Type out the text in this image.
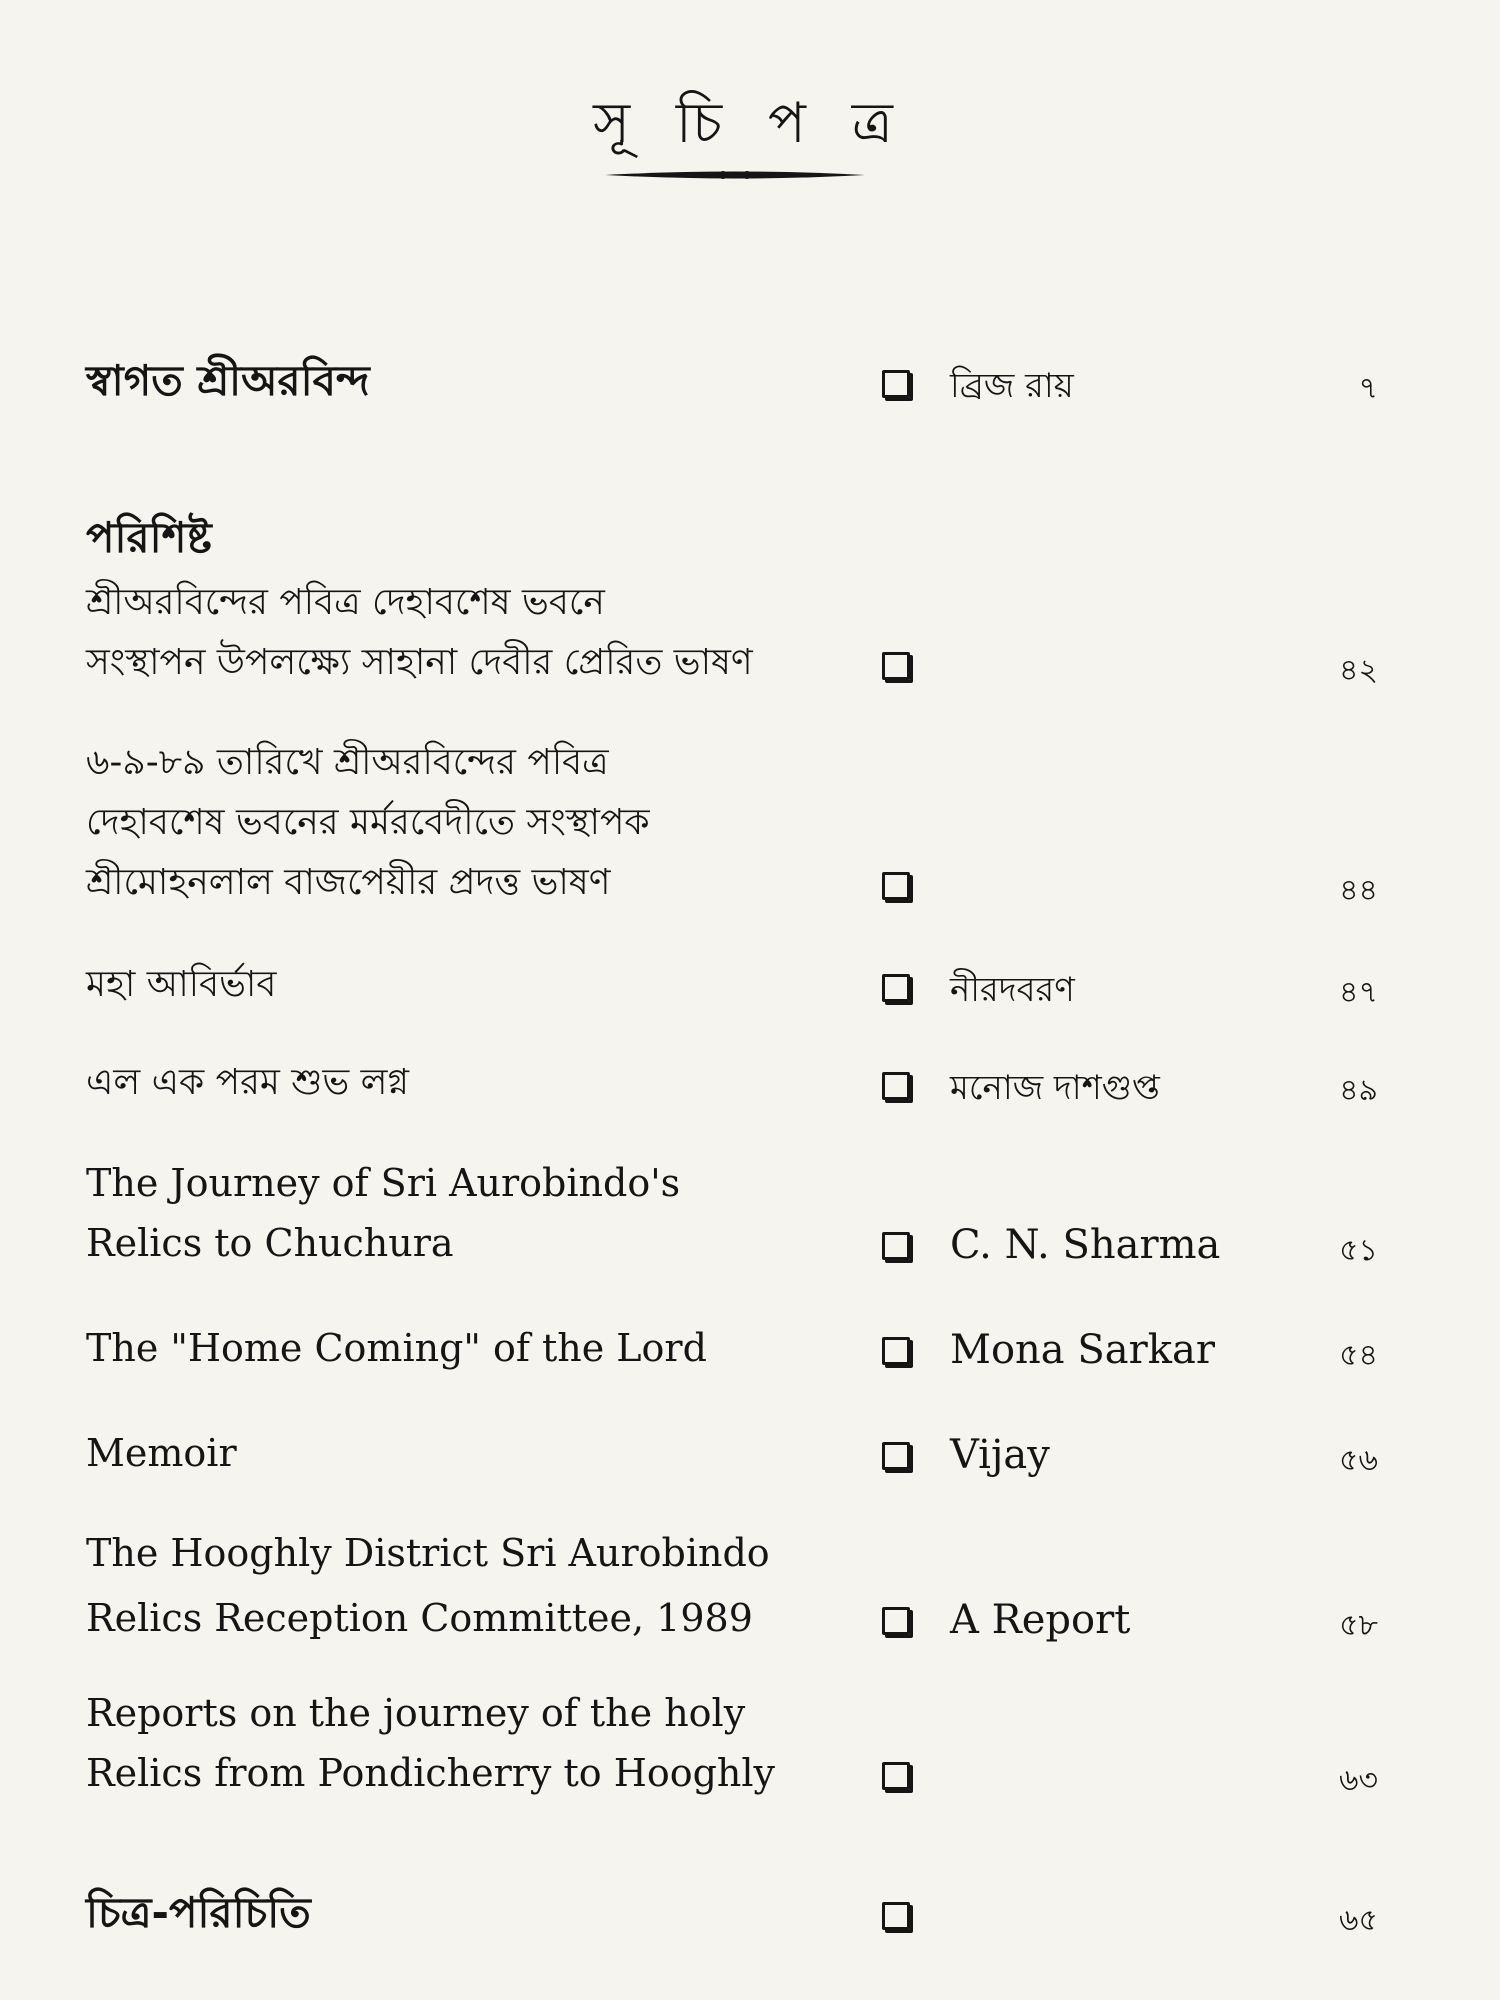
সূ চি প ত্র
পরিশিষ্ট
স্বাগত শ্রীঅরবিন্দ	ব্রিজ রায়	৭
শ্রীঅরবিন্দের পবিত্র দেহাবশেষ ভবনে
সংস্থাপন উপলক্ষ্যে সাহানা দেবীর প্রেরিত ভাষণ	৪২
৬-৯-৮৯ তারিখে শ্রীঅরবিন্দের পবিত্র
দেহাবশেষ ভবনের মর্মরবেদীতে সংস্থাপক
শ্রীমোহনলাল বাজপেয়ীর প্রদত্ত ভাষণ	৪৪
মহা আবির্ভাব	নীরদবরণ	৪৭
এল এক পরম শুভ লগ্ন	মনোজ দাশগুপ্ত	৪৯
The Journey of Sri Aurobindo's
Relics to Chuchura	C. N. Sharma	৫১
The "Home Coming" of the Lord	Mona Sarkar	৫৪
Memoir	Vijay	৫৬
The Hooghly District Sri Aurobindo
Relics Reception Committee, 1989	A Report	৫৮
Reports on the journey of the holy
Relics from Pondicherry to Hooghly	৬৩
চিত্র-পরিচিতি	৬৫
